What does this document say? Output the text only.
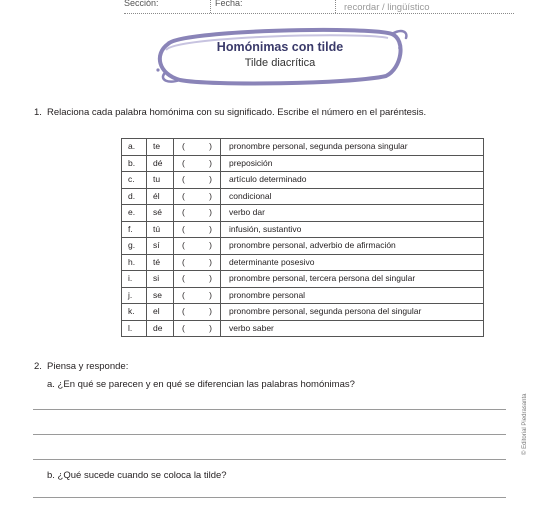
Sección:	Fecha:	recordar / lingüístico
Homónimas con tilde
Tilde diacrítica
1. Relaciona cada palabra homónima con su significado. Escribe el número en el paréntesis.
a.	te	( )	pronombre personal, segunda persona singular
b.	dé	( )	preposición
c.	tu	( )	artículo determinado
d.	él	( )	condicional
e.	sé	( )	verbo dar
f.	tú	( )	infusión, sustantivo
g.	sí	( )	pronombre personal, adverbio de afirmación
h.	té	( )	determinante posesivo
i.	si	( )	pronombre personal, tercera persona del singular
j.	se	( )	pronombre personal
k.	el	( )	pronombre personal, segunda persona del singular
l.	de	( )	verbo saber
2. Piensa y responde:
a. ¿En qué se parecen y en qué se diferencian las palabras homónimas?
b. ¿Qué sucede cuando se coloca la tilde?
© Editorial Piedrasanta
